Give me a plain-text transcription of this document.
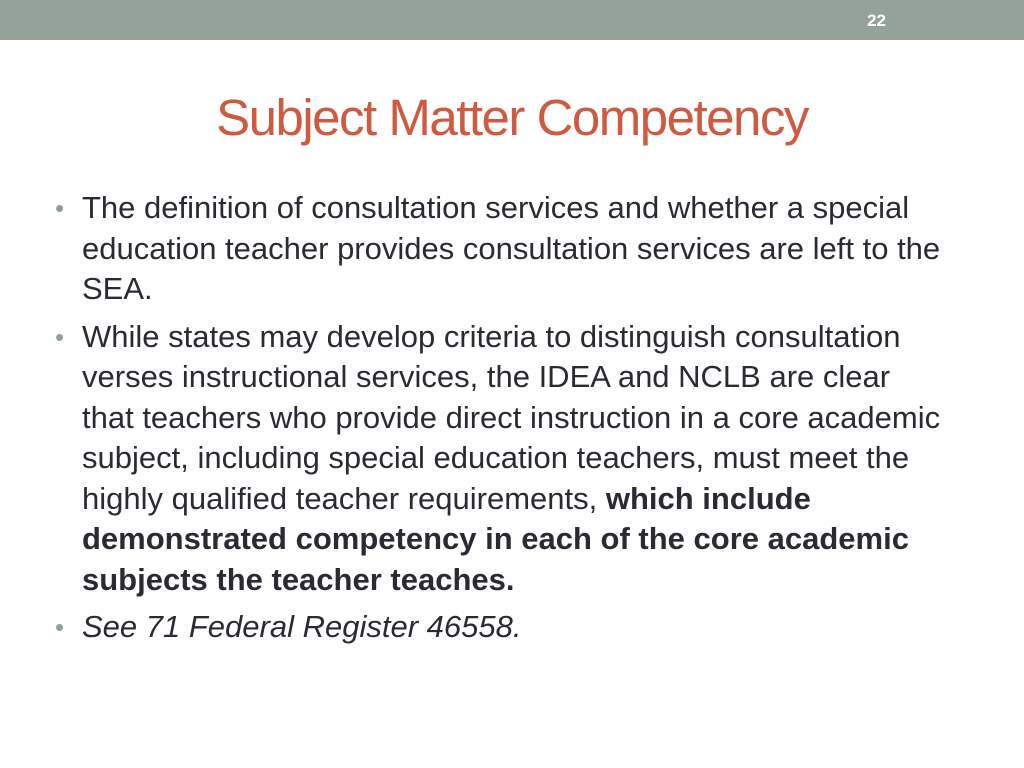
22
Subject Matter Competency
• The definition of consultation services and whether a special education teacher provides consultation services are left to the SEA.
• While states may develop criteria to distinguish consultation verses instructional services, the IDEA and NCLB are clear that teachers who provide direct instruction in a core academic subject, including special education teachers, must meet the highly qualified teacher requirements, which include demonstrated competency in each of the core academic subjects the teacher teaches.
• See 71 Federal Register 46558.
